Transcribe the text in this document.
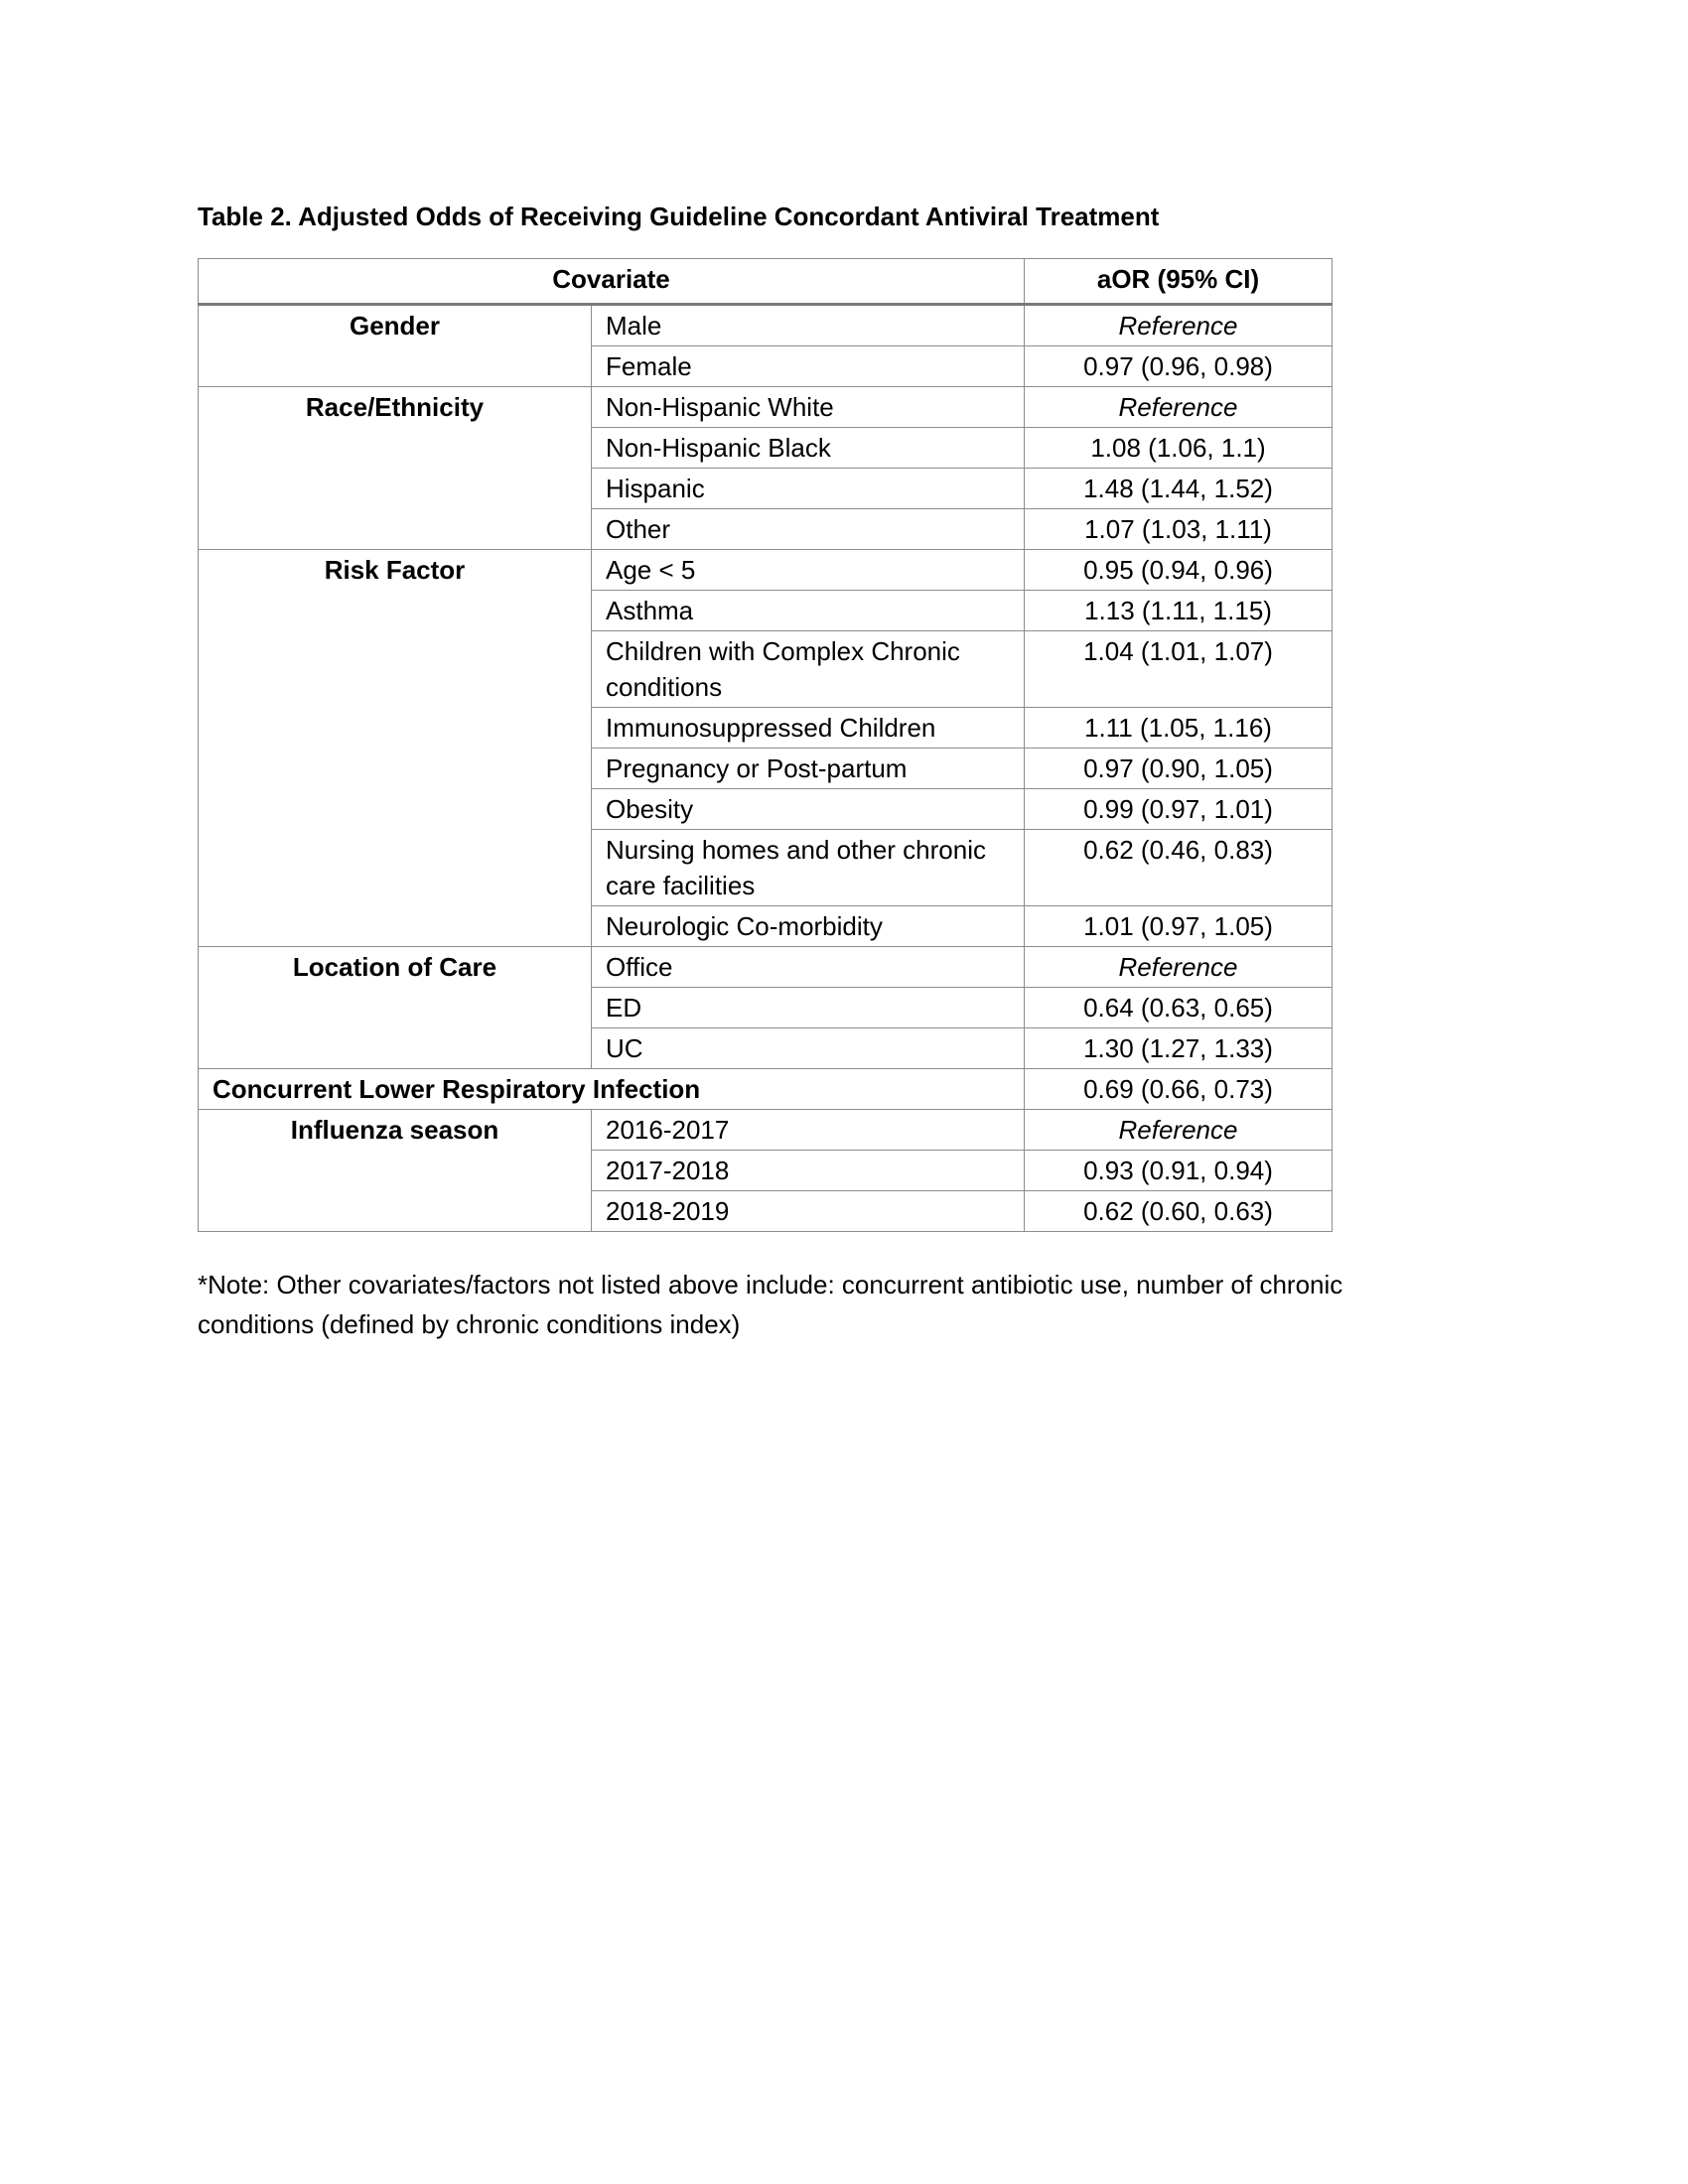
Table 2. Adjusted Odds of Receiving Guideline Concordant Antiviral Treatment
Covariate		aOR (95% CI)
Gender	Male	Reference
	Female	0.97 (0.96, 0.98)
Race/Ethnicity	Non-Hispanic White	Reference
	Non-Hispanic Black	1.08 (1.06, 1.1)
	Hispanic	1.48 (1.44, 1.52)
	Other	1.07 (1.03, 1.11)
Risk Factor	Age < 5	0.95 (0.94, 0.96)
	Asthma	1.13 (1.11, 1.15)
	Children with Complex Chronic conditions	1.04 (1.01, 1.07)
	Immunosuppressed Children	1.11 (1.05, 1.16)
	Pregnancy or Post-partum	0.97 (0.90, 1.05)
	Obesity	0.99 (0.97, 1.01)
	Nursing homes and other chronic care facilities	0.62 (0.46, 0.83)
	Neurologic Co-morbidity	1.01 (0.97, 1.05)
Location of Care	Office	Reference
	ED	0.64 (0.63, 0.65)
	UC	1.30 (1.27, 1.33)
Concurrent Lower Respiratory Infection		0.69 (0.66, 0.73)
Influenza season	2016-2017	Reference
	2017-2018	0.93 (0.91, 0.94)
	2018-2019	0.62 (0.60, 0.63)
*Note: Other covariates/factors not listed above include: concurrent antibiotic use, number of chronic conditions (defined by chronic conditions index)
